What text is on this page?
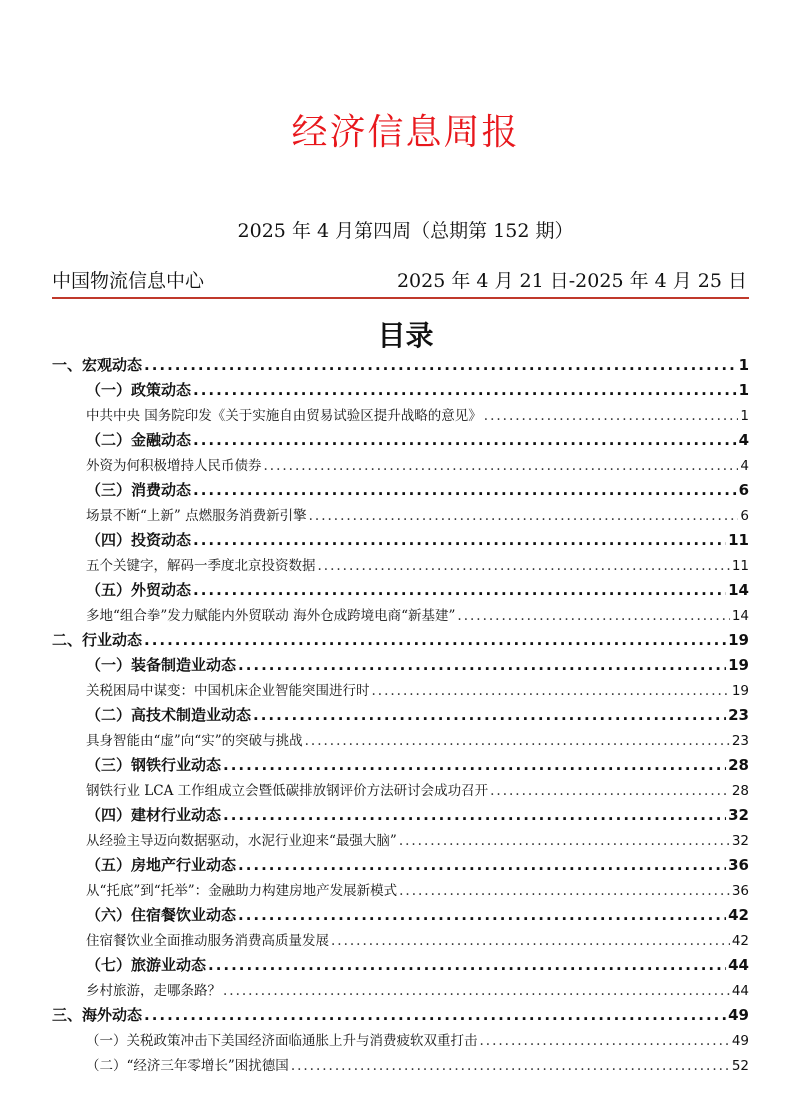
经济信息周报
2025 年 4 月第四周（总期第 152 期）
中国物流信息中心	2025 年 4 月 21 日-2025 年 4 月 25 日
目录
一、宏观动态 .....	1
（一）政策动态 .....	1
中共中央 国务院印发《关于实施自由贸易试验区提升战略的意见》 .....	1
（二）金融动态 .....	4
外资为何积极增持人民币债券 .....	4
（三）消费动态 .....	6
场景不断“上新” 点燃服务消费新引擎 .....	6
（四）投资动态 .....	11
五个关键字，解码一季度北京投资数据 .....	11
（五）外贸动态 .....	14
多地“组合拳”发力赋能内外贸联动 海外仓成跨境电商“新基建” .....	14
二、行业动态 .....	19
（一）装备制造业动态 .....	19
关税困局中谋变：中国机床企业智能突围进行时 .....	19
（二）高技术制造业动态 .....	23
具身智能由“虚”向“实”的突破与挑战 .....	23
（三）钢铁行业动态 .....	28
钢铁行业 LCA 工作组成立会暨低碳排放钢评价方法研讨会成功召开 .....	28
（四）建材行业动态 .....	32
从经验主导迈向数据驱动，水泥行业迎来“最强大脑” .....	32
（五）房地产行业动态 .....	36
从“托底”到“托举”：金融助力构建房地产发展新模式 .....	36
（六）住宿餐饮业动态 .....	42
住宿餐饮业全面推动服务消费高质量发展 .....	42
（七）旅游业动态 .....	44
乡村旅游，走哪条路？ .....	44
三、海外动态 .....	49
（一）关税政策冲击下美国经济面临通胀上升与消费疲软双重打击 .....	49
（二）“经济三年零增长”困扰德国 .....	52
